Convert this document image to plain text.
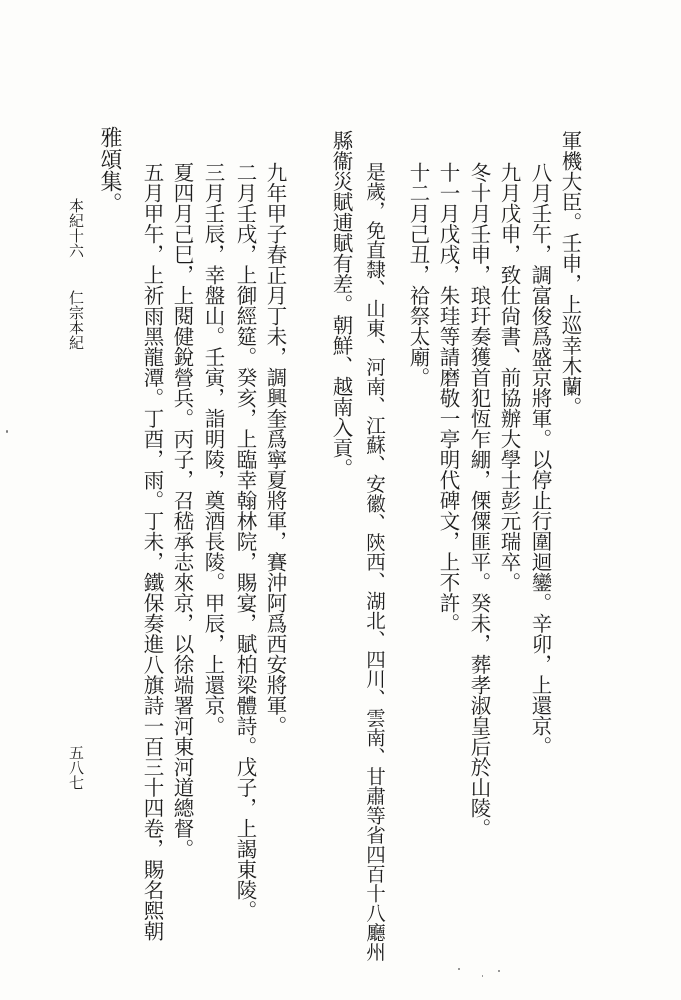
軍機大臣。壬申，上巡幸木蘭。
八月壬午，調富俊爲盛京將軍。以停止行圍迴鑾。辛卯，上還京。
九月戊申，致仕尙書、前協辦大學士彭元瑞卒。
冬十月壬申，琅玕奏獲首犯恆乍綳，傈僳匪平。癸未，葬孝淑皇后於山陵。
十一月戊戌，朱珪等請磨敬一亭明代碑文，上不許。
十二月己丑，祫祭太廟。
是歲，免直隸、山東、河南、江蘇、安徽、陝西、湖北、四川、雲南、甘肅等省四百十八廳州
縣衞災賦逋賦有差。朝鮮、越南入貢。
九年甲子春正月丁未，調興奎爲寧夏將軍，賽沖阿爲西安將軍。
二月壬戌，上御經筵。癸亥，上臨幸翰林院，賜宴，賦柏梁體詩。戊子，上謁東陵。
三月壬辰，幸盤山。壬寅，詣明陵，奠酒長陵。甲辰，上還京。
夏四月己巳，上閱健銳營兵。丙子，召嵇承志來京，以徐端署河東河道總督。
五月甲午，上祈雨黑龍潭。丁酉，雨。丁未，鐵保奏進八旗詩一百三十四卷，賜名熙朝
雅頌集。
本紀十六
仁宗本紀
五八七
